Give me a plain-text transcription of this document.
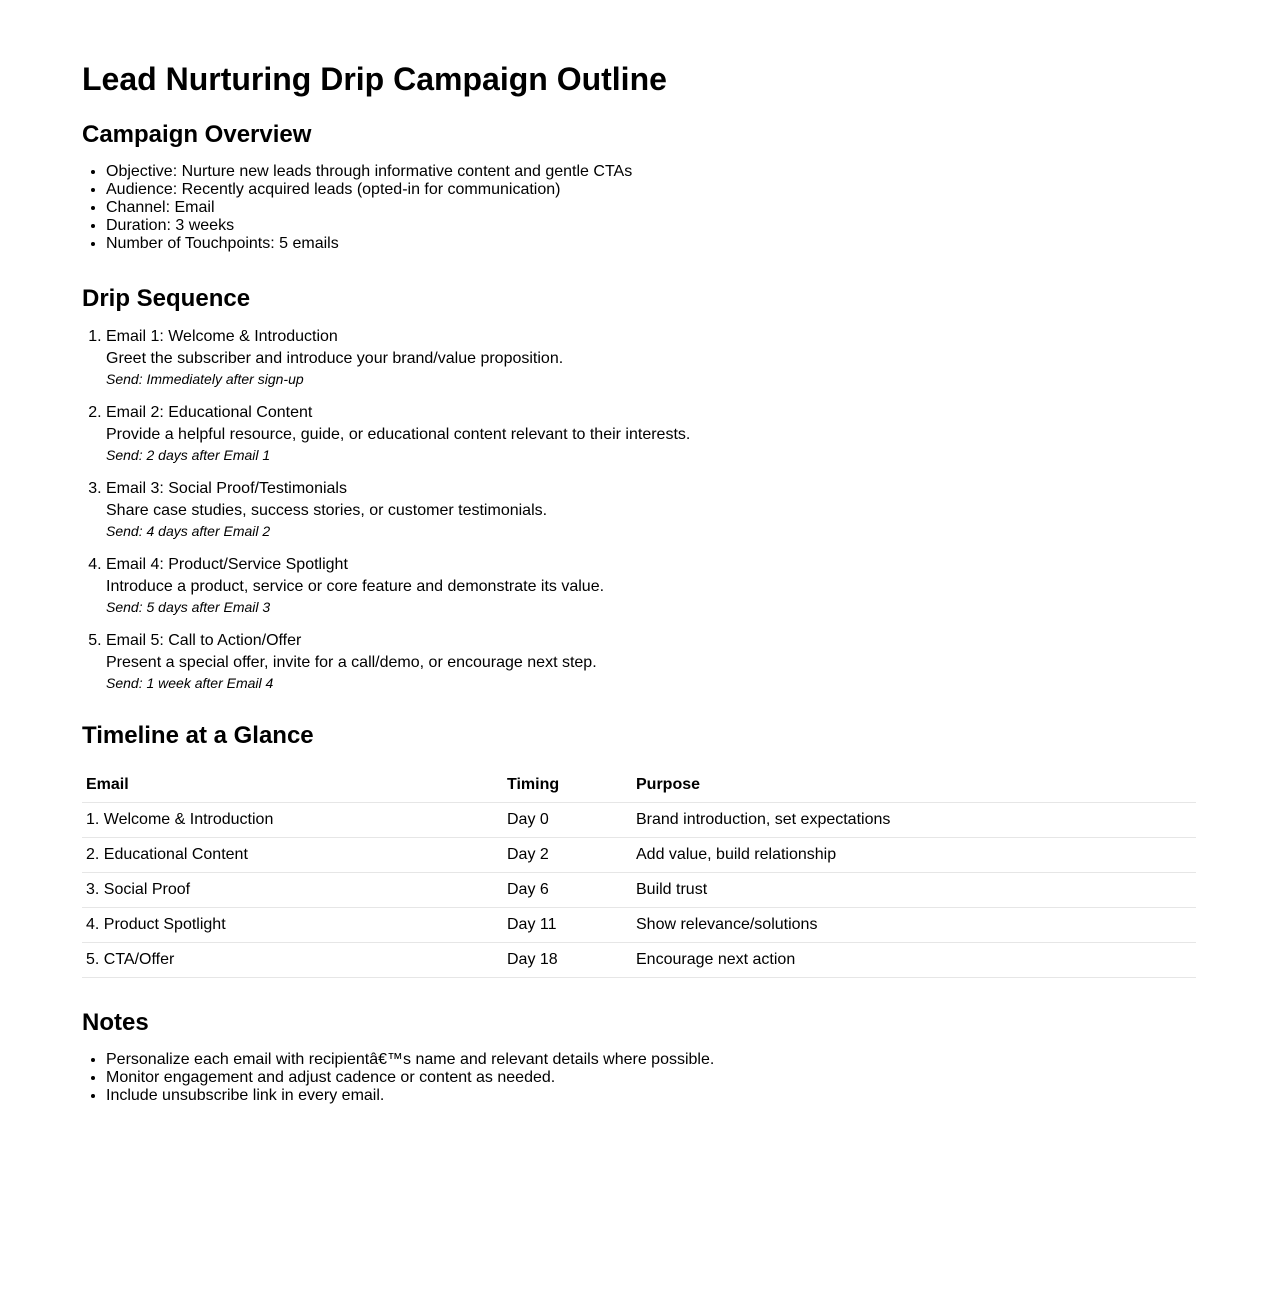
Lead Nurturing Drip Campaign Outline
Campaign Overview
• Objective: Nurture new leads through informative content and gentle CTAs
• Audience: Recently acquired leads (opted-in for communication)
• Channel: Email
• Duration: 3 weeks
• Number of Touchpoints: 5 emails
Drip Sequence
1. Email 1: Welcome & Introduction
Greet the subscriber and introduce your brand/value proposition.
Send: Immediately after sign-up
2. Email 2: Educational Content
Provide a helpful resource, guide, or educational content relevant to their interests.
Send: 2 days after Email 1
3. Email 3: Social Proof/Testimonials
Share case studies, success stories, or customer testimonials.
Send: 4 days after Email 2
4. Email 4: Product/Service Spotlight
Introduce a product, service or core feature and demonstrate its value.
Send: 5 days after Email 3
5. Email 5: Call to Action/Offer
Present a special offer, invite for a call/demo, or encourage next step.
Send: 1 week after Email 4
Timeline at a Glance
Email	Timing	Purpose
1. Welcome & Introduction	Day 0	Brand introduction, set expectations
2. Educational Content	Day 2	Add value, build relationship
3. Social Proof	Day 6	Build trust
4. Product Spotlight	Day 11	Show relevance/solutions
5. CTA/Offer	Day 18	Encourage next action
Notes
• Personalize each email with recipientâ€™s name and relevant details where possible.
• Monitor engagement and adjust cadence or content as needed.
• Include unsubscribe link in every email.
